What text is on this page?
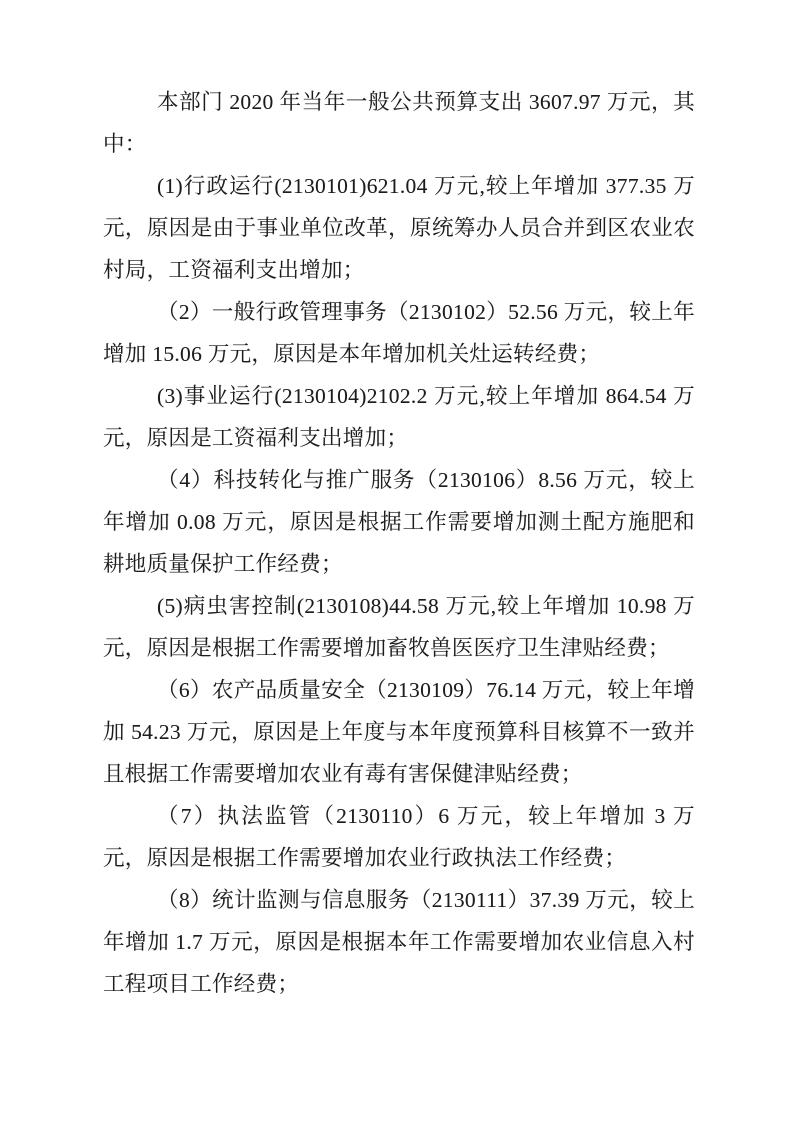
本部门 2020 年当年一般公共预算支出 3607.97 万元，其中：

(1)行政运行(2130101)621.04 万元,较上年增加 377.35 万元，原因是由于事业单位改革，原统筹办人员合并到区农业农村局，工资福利支出增加；

（2）一般行政管理事务（2130102）52.56 万元，较上年增加 15.06 万元，原因是本年增加机关灶运转经费；

(3)事业运行(2130104)2102.2 万元,较上年增加 864.54 万元，原因是工资福利支出增加；

（4）科技转化与推广服务（2130106）8.56 万元，较上年增加 0.08 万元，原因是根据工作需要增加测土配方施肥和耕地质量保护工作经费；

(5)病虫害控制(2130108)44.58 万元,较上年增加 10.98 万元，原因是根据工作需要增加畜牧兽医医疗卫生津贴经费；

（6）农产品质量安全（2130109）76.14 万元，较上年增加 54.23 万元，原因是上年度与本年度预算科目核算不一致并且根据工作需要增加农业有毒有害保健津贴经费；

（7）执法监管（2130110）6 万元，较上年增加 3 万元，原因是根据工作需要增加农业行政执法工作经费；

（8）统计监测与信息服务（2130111）37.39 万元，较上年增加 1.7 万元，原因是根据本年工作需要增加农业信息入村工程项目工作经费；
